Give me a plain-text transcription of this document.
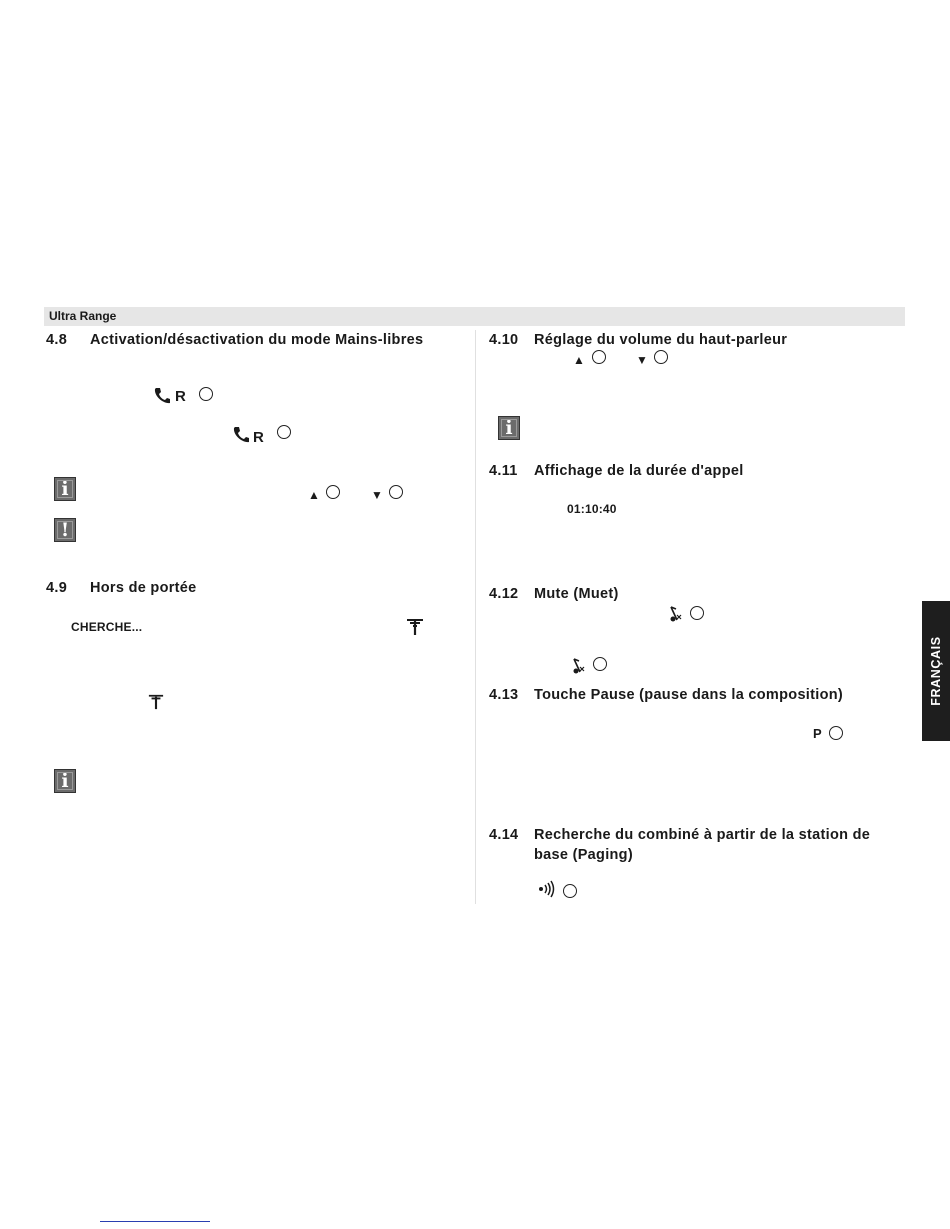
Ultra Range
4.8 Activation/désactivation du mode Mains-libres
R
R
i	▲	▼
!
4.9 Hors de portée
CHERCHE...
i
4.10 Réglage du volume du haut-parleur
▲	▼
i
4.11 Affichage de la durée d'appel
01:10:40
4.12 Mute (Muet)
4.13 Touche Pause (pause dans la composition)
P
4.14 Recherche du combiné à partir de la station de
base (Paging)
FRANÇAIS
